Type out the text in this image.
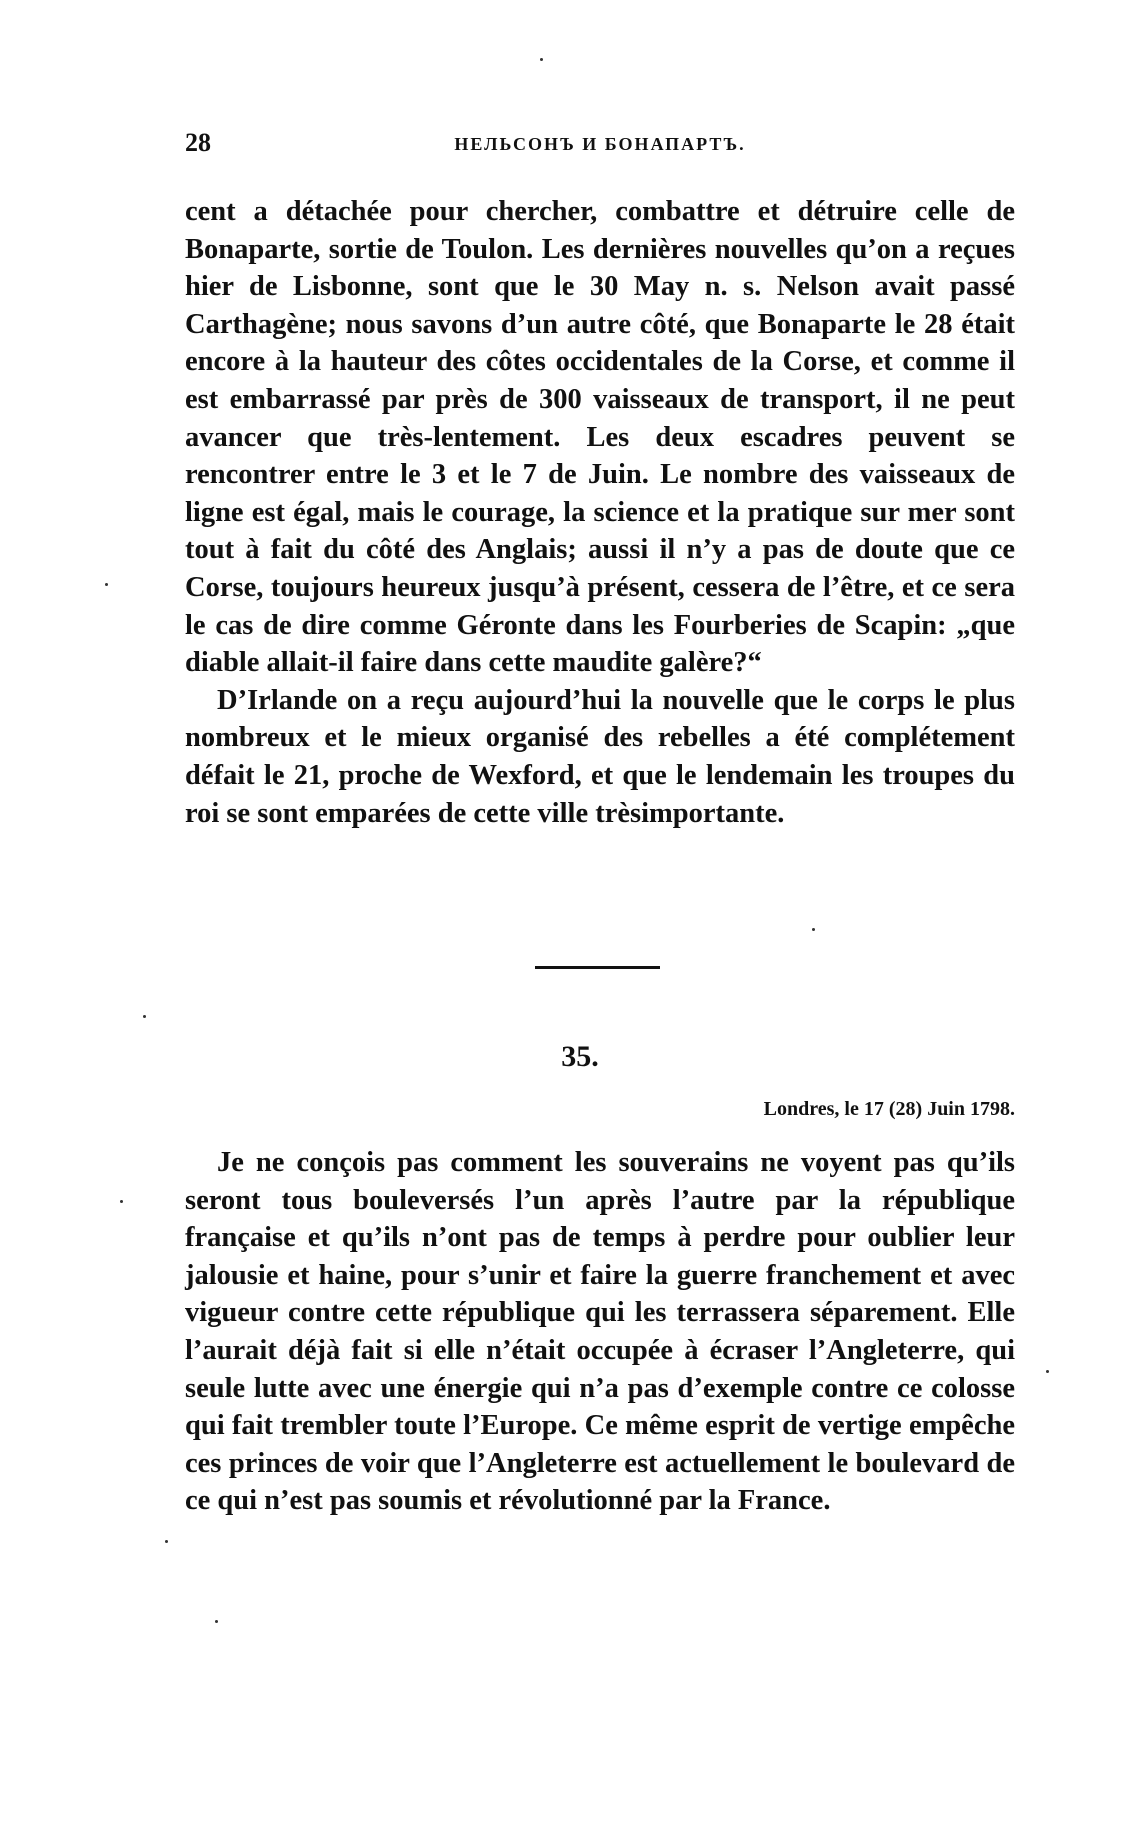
28	НЕЛЬСОНЪ И БОНАПАРТЪ.

cent a détachée pour chercher, combattre et détruire celle de Bonaparte, sortie de Toulon. Les dernières nouvelles qu’on a reçues hier de Lisbonne, sont que le 30 May n. s. Nelson avait passé Carthagène; nous savons d’un autre côté, que Bonaparte le 28 était encore à la hauteur des côtes occidentales de la Corse, et comme il est embarrassé par près de 300 vaisseaux de transport, il ne peut avancer que très-lentement. Les deux escadres peuvent se rencontrer entre le 3 et le 7 de Juin. Le nombre des vaisseaux de ligne est égal, mais le courage, la science et la pratique sur mer sont tout à fait du côté des Anglais; aussi il n’y a pas de doute que ce Corse, toujours heureux jusqu’à présent, cessera de l’être, et ce sera le cas de dire comme Géronte dans les Fourberies de Scapin: „que diable allait-il faire dans cette maudite galère?“

D’Irlande on a reçu aujourd’hui la nouvelle que le corps le plus nombreux et le mieux organisé des rebelles a été complétement défait le 21, proche de Wexford, et que le lendemain les troupes du roi se sont emparées de cette ville trèsimportante.

35.
Londres, le 17 (28) Juin 1798.

Je ne conçois pas comment les souverains ne voyent pas qu’ils seront tous bouleversés l’un après l’autre par la république française et qu’ils n’ont pas de temps à perdre pour oublier leur jalousie et haine, pour s’unir et faire la guerre franchement et avec vigueur contre cette république qui les terrassera séparement. Elle l’aurait déjà fait si elle n’était occupée à écraser l’Angleterre, qui seule lutte avec une énergie qui n’a pas d’exemple contre ce colosse qui fait trembler toute l’Europe. Ce même esprit de vertige empêche ces princes de voir que l’Angleterre est actuellement le boulevard de ce qui n’est pas soumis et révolutionné par la France.
